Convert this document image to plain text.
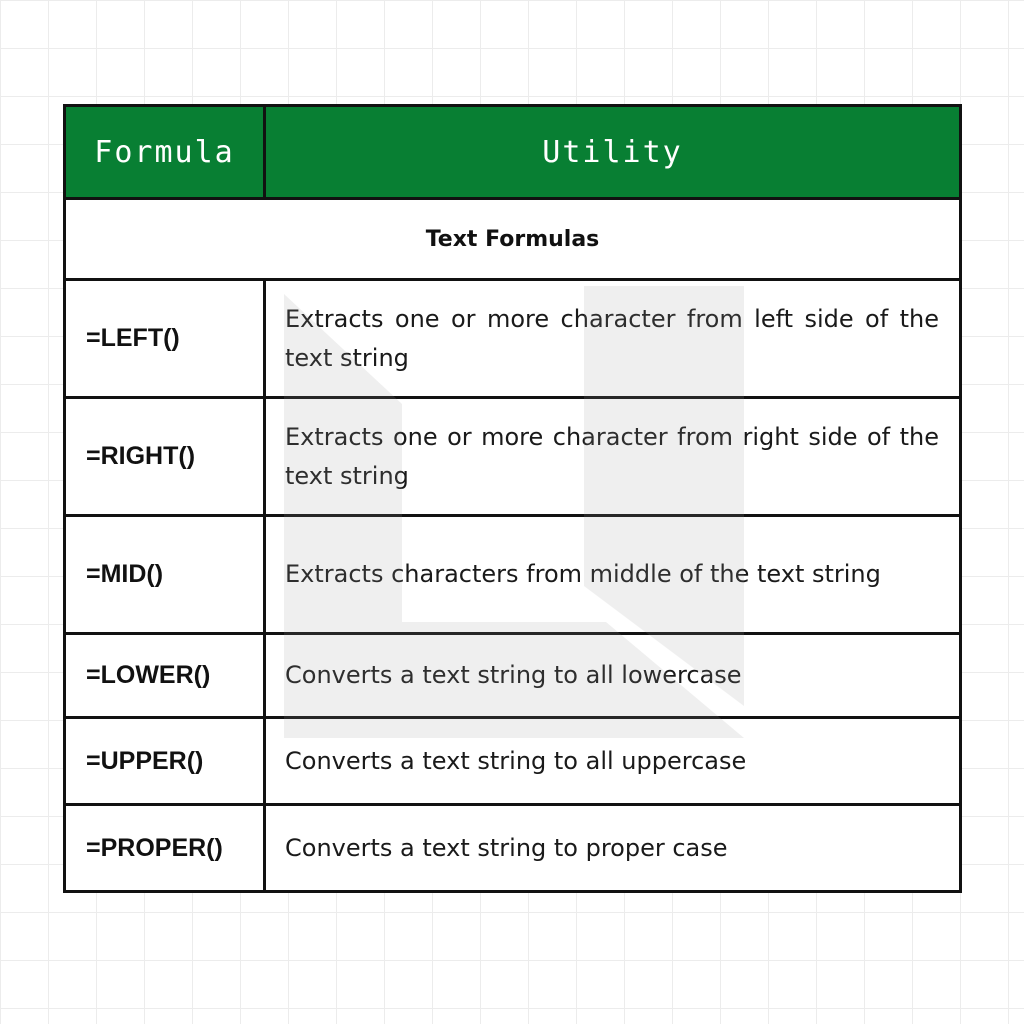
Formula	Utility
Text Formulas	
=LEFT()	Extracts one or more character from left side of the text string
=RIGHT()	Extracts one or more character from right side of the text string
=MID()	Extracts characters from middle of the text string
=LOWER()	Converts a text string to all lowercase
=UPPER()	Converts a text string to all uppercase
=PROPER()	Converts a text string to proper case
